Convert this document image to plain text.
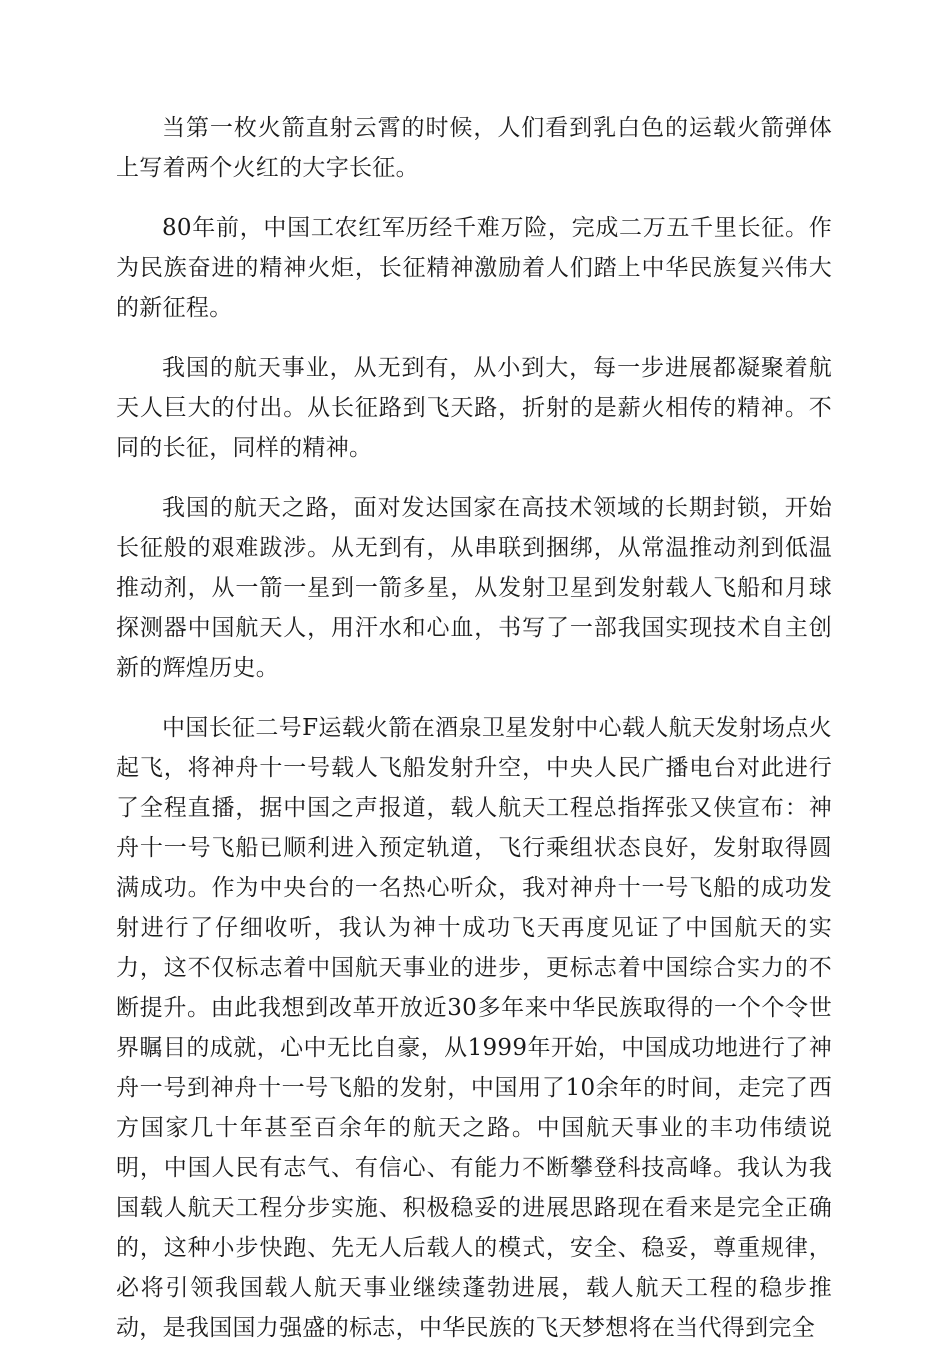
当第一枚火箭直射云霄的时候，人们看到乳白色的运载火箭弹体上写着两个火红的大字长征。

80年前，中国工农红军历经千难万险，完成二万五千里长征。作为民族奋进的精神火炬，长征精神激励着人们踏上中华民族复兴伟大的新征程。

我国的航天事业，从无到有，从小到大，每一步进展都凝聚着航天人巨大的付出。从长征路到飞天路，折射的是薪火相传的精神。不同的长征，同样的精神。

我国的航天之路，面对发达国家在高技术领域的长期封锁，开始长征般的艰难跋涉。从无到有，从串联到捆绑，从常温推动剂到低温推动剂，从一箭一星到一箭多星，从发射卫星到发射载人飞船和月球探测器中国航天人，用汗水和心血，书写了一部我国实现技术自主创新的辉煌历史。

中国长征二号F运载火箭在酒泉卫星发射中心载人航天发射场点火起飞，将神舟十一号载人飞船发射升空，中央人民广播电台对此进行了全程直播，据中国之声报道，载人航天工程总指挥张又侠宣布：神舟十一号飞船已顺利进入预定轨道，飞行乘组状态良好，发射取得圆满成功。作为中央台的一名热心听众，我对神舟十一号飞船的成功发射进行了仔细收听，我认为神十成功飞天再度见证了中国航天的实力，这不仅标志着中国航天事业的进步，更标志着中国综合实力的不断提升。由此我想到改革开放近30多年来中华民族取得的一个个令世界瞩目的成就，心中无比自豪，从1999年开始，中国成功地进行了神舟一号到神舟十一号飞船的发射，中国用了10余年的时间，走完了西方国家几十年甚至百余年的航天之路。中国航天事业的丰功伟绩说明，中国人民有志气、有信心、有能力不断攀登科技高峰。我认为我国载人航天工程分步实施、积极稳妥的进展思路现在看来是完全正确的，这种小步快跑、先无人后载人的模式，安全、稳妥，尊重规律，必将引领我国载人航天事业继续蓬勃进展，载人航天工程的稳步推动，是我国国力强盛的标志，中华民族的飞天梦想将在当代得到完全
